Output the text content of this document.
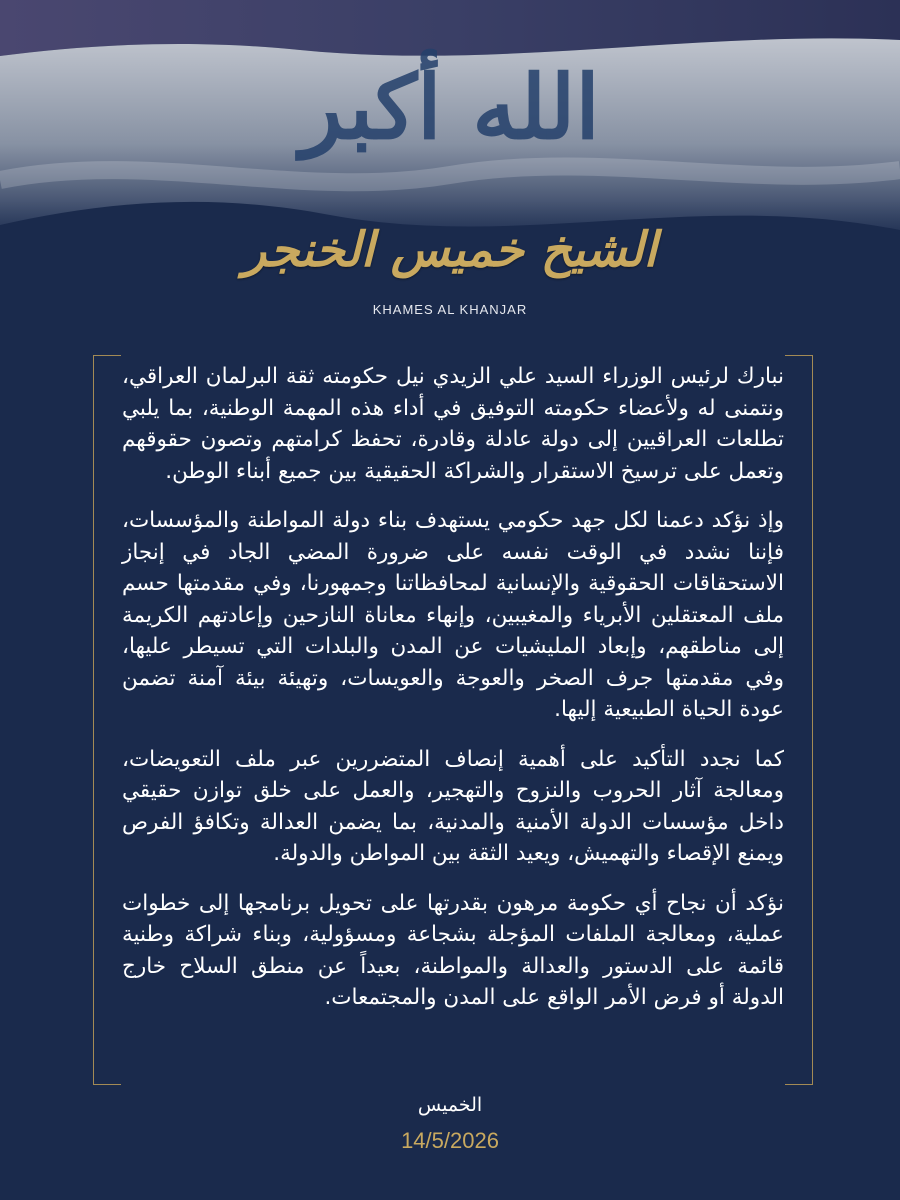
الله أكبر
الشيخ خميس الخنجر
KHAMES AL KHANJAR

نبارك لرئيس الوزراء السيد علي الزيدي نيل حكومته ثقة البرلمان العراقي، ونتمنى له ولأعضاء حكومته التوفيق في أداء هذه المهمة الوطنية، بما يلبي تطلعات العراقيين إلى دولة عادلة وقادرة، تحفظ كرامتهم وتصون حقوقهم وتعمل على ترسيخ الاستقرار والشراكة الحقيقية بين جميع أبناء الوطن.

وإذ نؤكد دعمنا لكل جهد حكومي يستهدف بناء دولة المواطنة والمؤسسات، فإننا نشدد في الوقت نفسه على ضرورة المضي الجاد في إنجاز الاستحقاقات الحقوقية والإنسانية لمحافظاتنا وجمهورنا، وفي مقدمتها حسم ملف المعتقلين الأبرياء والمغيبين، وإنهاء معاناة النازحين وإعادتهم الكريمة إلى مناطقهم، وإبعاد المليشيات عن المدن والبلدات التي تسيطر عليها، وفي مقدمتها جرف الصخر والعوجة والعويسات، وتهيئة بيئة آمنة تضمن عودة الحياة الطبيعية إليها.

كما نجدد التأكيد على أهمية إنصاف المتضررين عبر ملف التعويضات، ومعالجة آثار الحروب والنزوح والتهجير، والعمل على خلق توازن حقيقي داخل مؤسسات الدولة الأمنية والمدنية، بما يضمن العدالة وتكافؤ الفرص ويمنع الإقصاء والتهميش، ويعيد الثقة بين المواطن والدولة.

نؤكد أن نجاح أي حكومة مرهون بقدرتها على تحويل برنامجها إلى خطوات عملية، ومعالجة الملفات المؤجلة بشجاعة ومسؤولية، وبناء شراكة وطنية قائمة على الدستور والعدالة والمواطنة، بعيداً عن منطق السلاح خارج الدولة أو فرض الأمر الواقع على المدن والمجتمعات.

الخميس
14/5/2026
